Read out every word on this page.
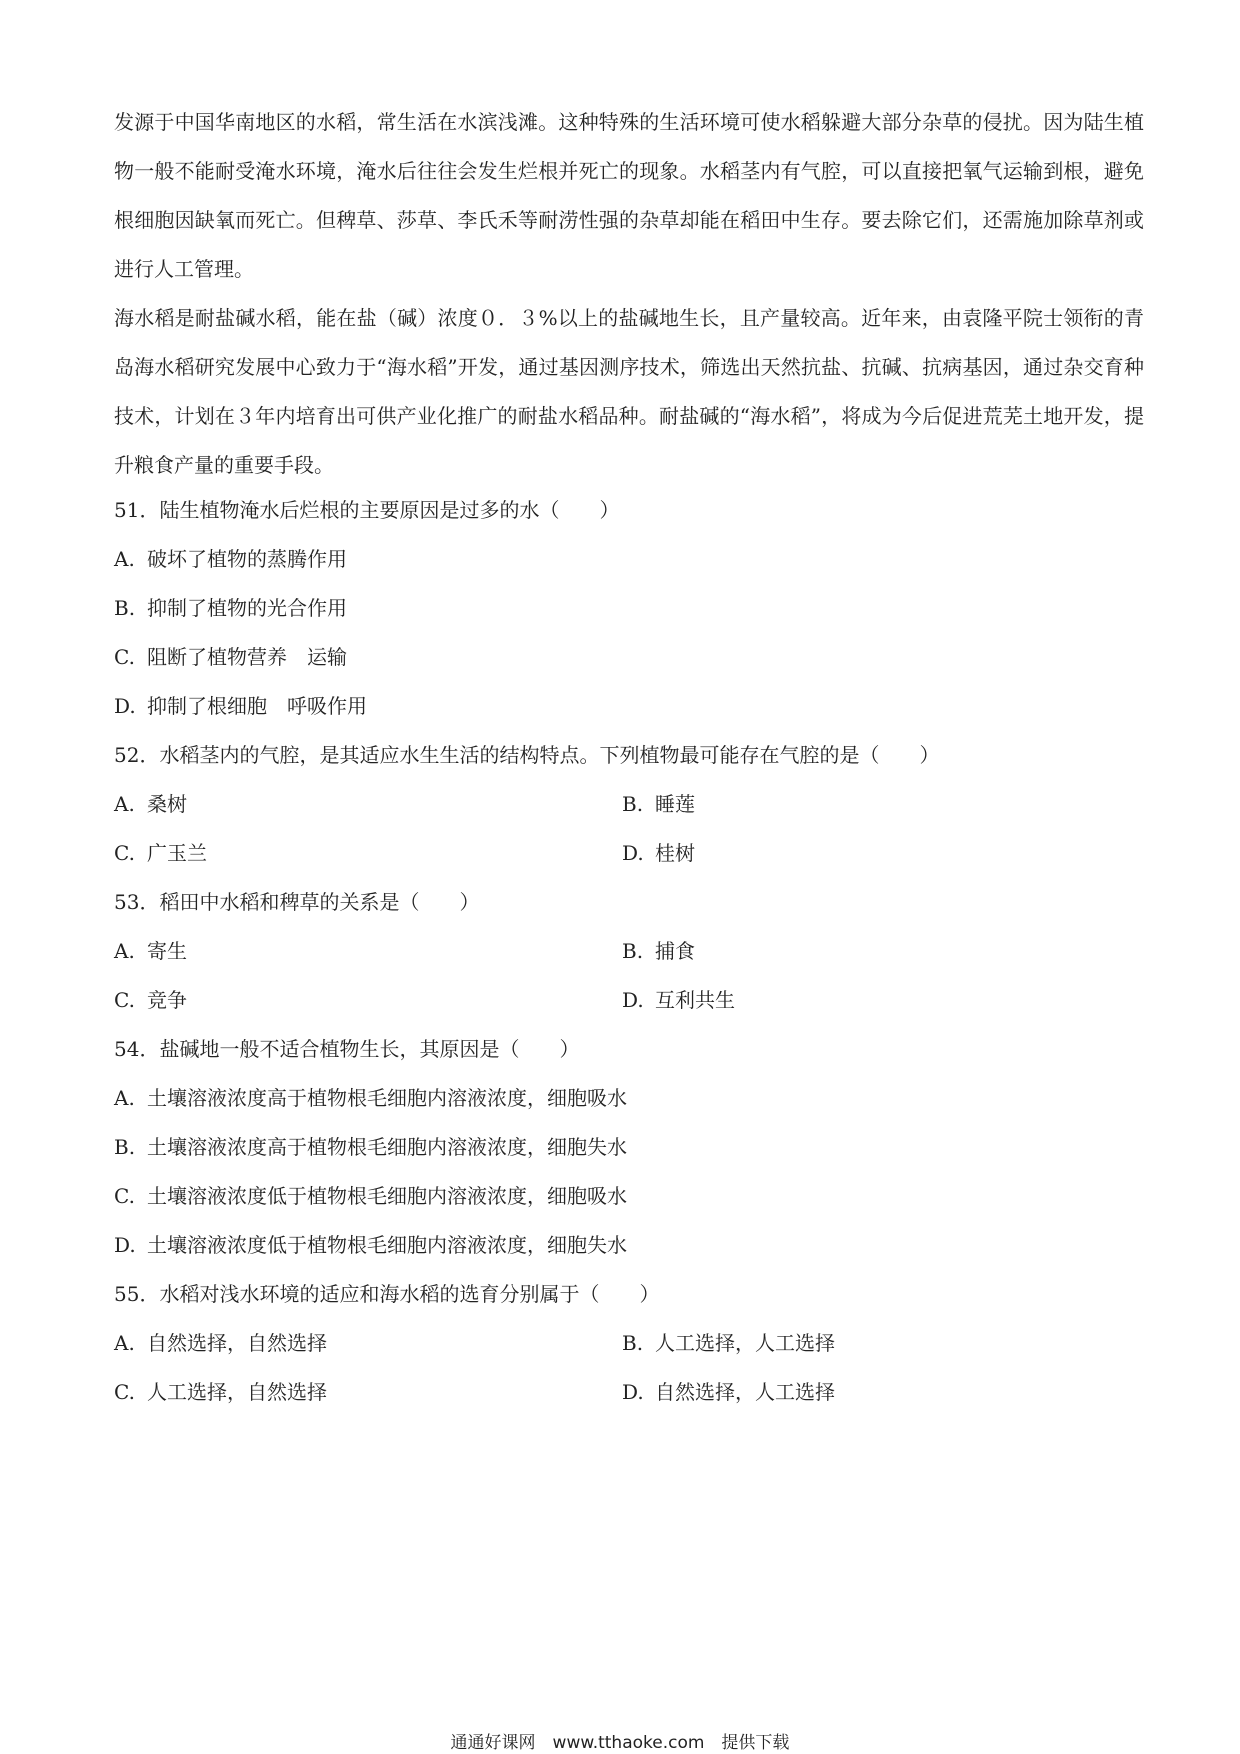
发源于中国华南地区的水稻，常生活在水滨浅滩。这种特殊的生活环境可使水稻躲避大部分杂草的侵扰。因为陆生植物一般不能耐受淹水环境，淹水后往往会发生烂根并死亡的现象。水稻茎内有气腔，可以直接把氧气运输到根，避免根细胞因缺氧而死亡。但稗草、莎草、李氏禾等耐涝性强的杂草却能在稻田中生存。要去除它们，还需施加除草剂或进行人工管理。

海水稻是耐盐碱水稻，能在盐（碱）浓度０．３%以上的盐碱地生长，且产量较高。近年来，由袁隆平院士领衔的青岛海水稻研究发展中心致力于“海水稻”开发，通过基因测序技术，筛选出天然抗盐、抗碱、抗病基因，通过杂交育种技术，计划在３年内培育出可供产业化推广的耐盐水稻品种。耐盐碱的“海水稻”，将成为今后促进荒芜土地开发，提升粮食产量的重要手段。

51．陆生植物淹水后烂根的主要原因是过多的水（　　）
A. 破坏了植物的蒸腾作用
B. 抑制了植物的光合作用
C. 阻断了植物营养　运输
D. 抑制了根细胞　呼吸作用
52．水稻茎内的气腔，是其适应水生生活的结构特点。下列植物最可能存在气腔的是（　　）
A. 桑树	B. 睡莲
C. 广玉兰	D. 桂树
53．稻田中水稻和稗草的关系是（　　）
A. 寄生	B. 捕食
C. 竞争	D. 互利共生
54．盐碱地一般不适合植物生长，其原因是（　　）
A. 土壤溶液浓度高于植物根毛细胞内溶液浓度，细胞吸水
B. 土壤溶液浓度高于植物根毛细胞内溶液浓度，细胞失水
C. 土壤溶液浓度低于植物根毛细胞内溶液浓度，细胞吸水
D. 土壤溶液浓度低于植物根毛细胞内溶液浓度，细胞失水
55．水稻对浅水环境的适应和海水稻的选育分别属于（　　）
A. 自然选择，自然选择	B. 人工选择，人工选择
C. 人工选择，自然选择	D. 自然选择，人工选择
通通好课网　www.tthaoke.com　提供下载
